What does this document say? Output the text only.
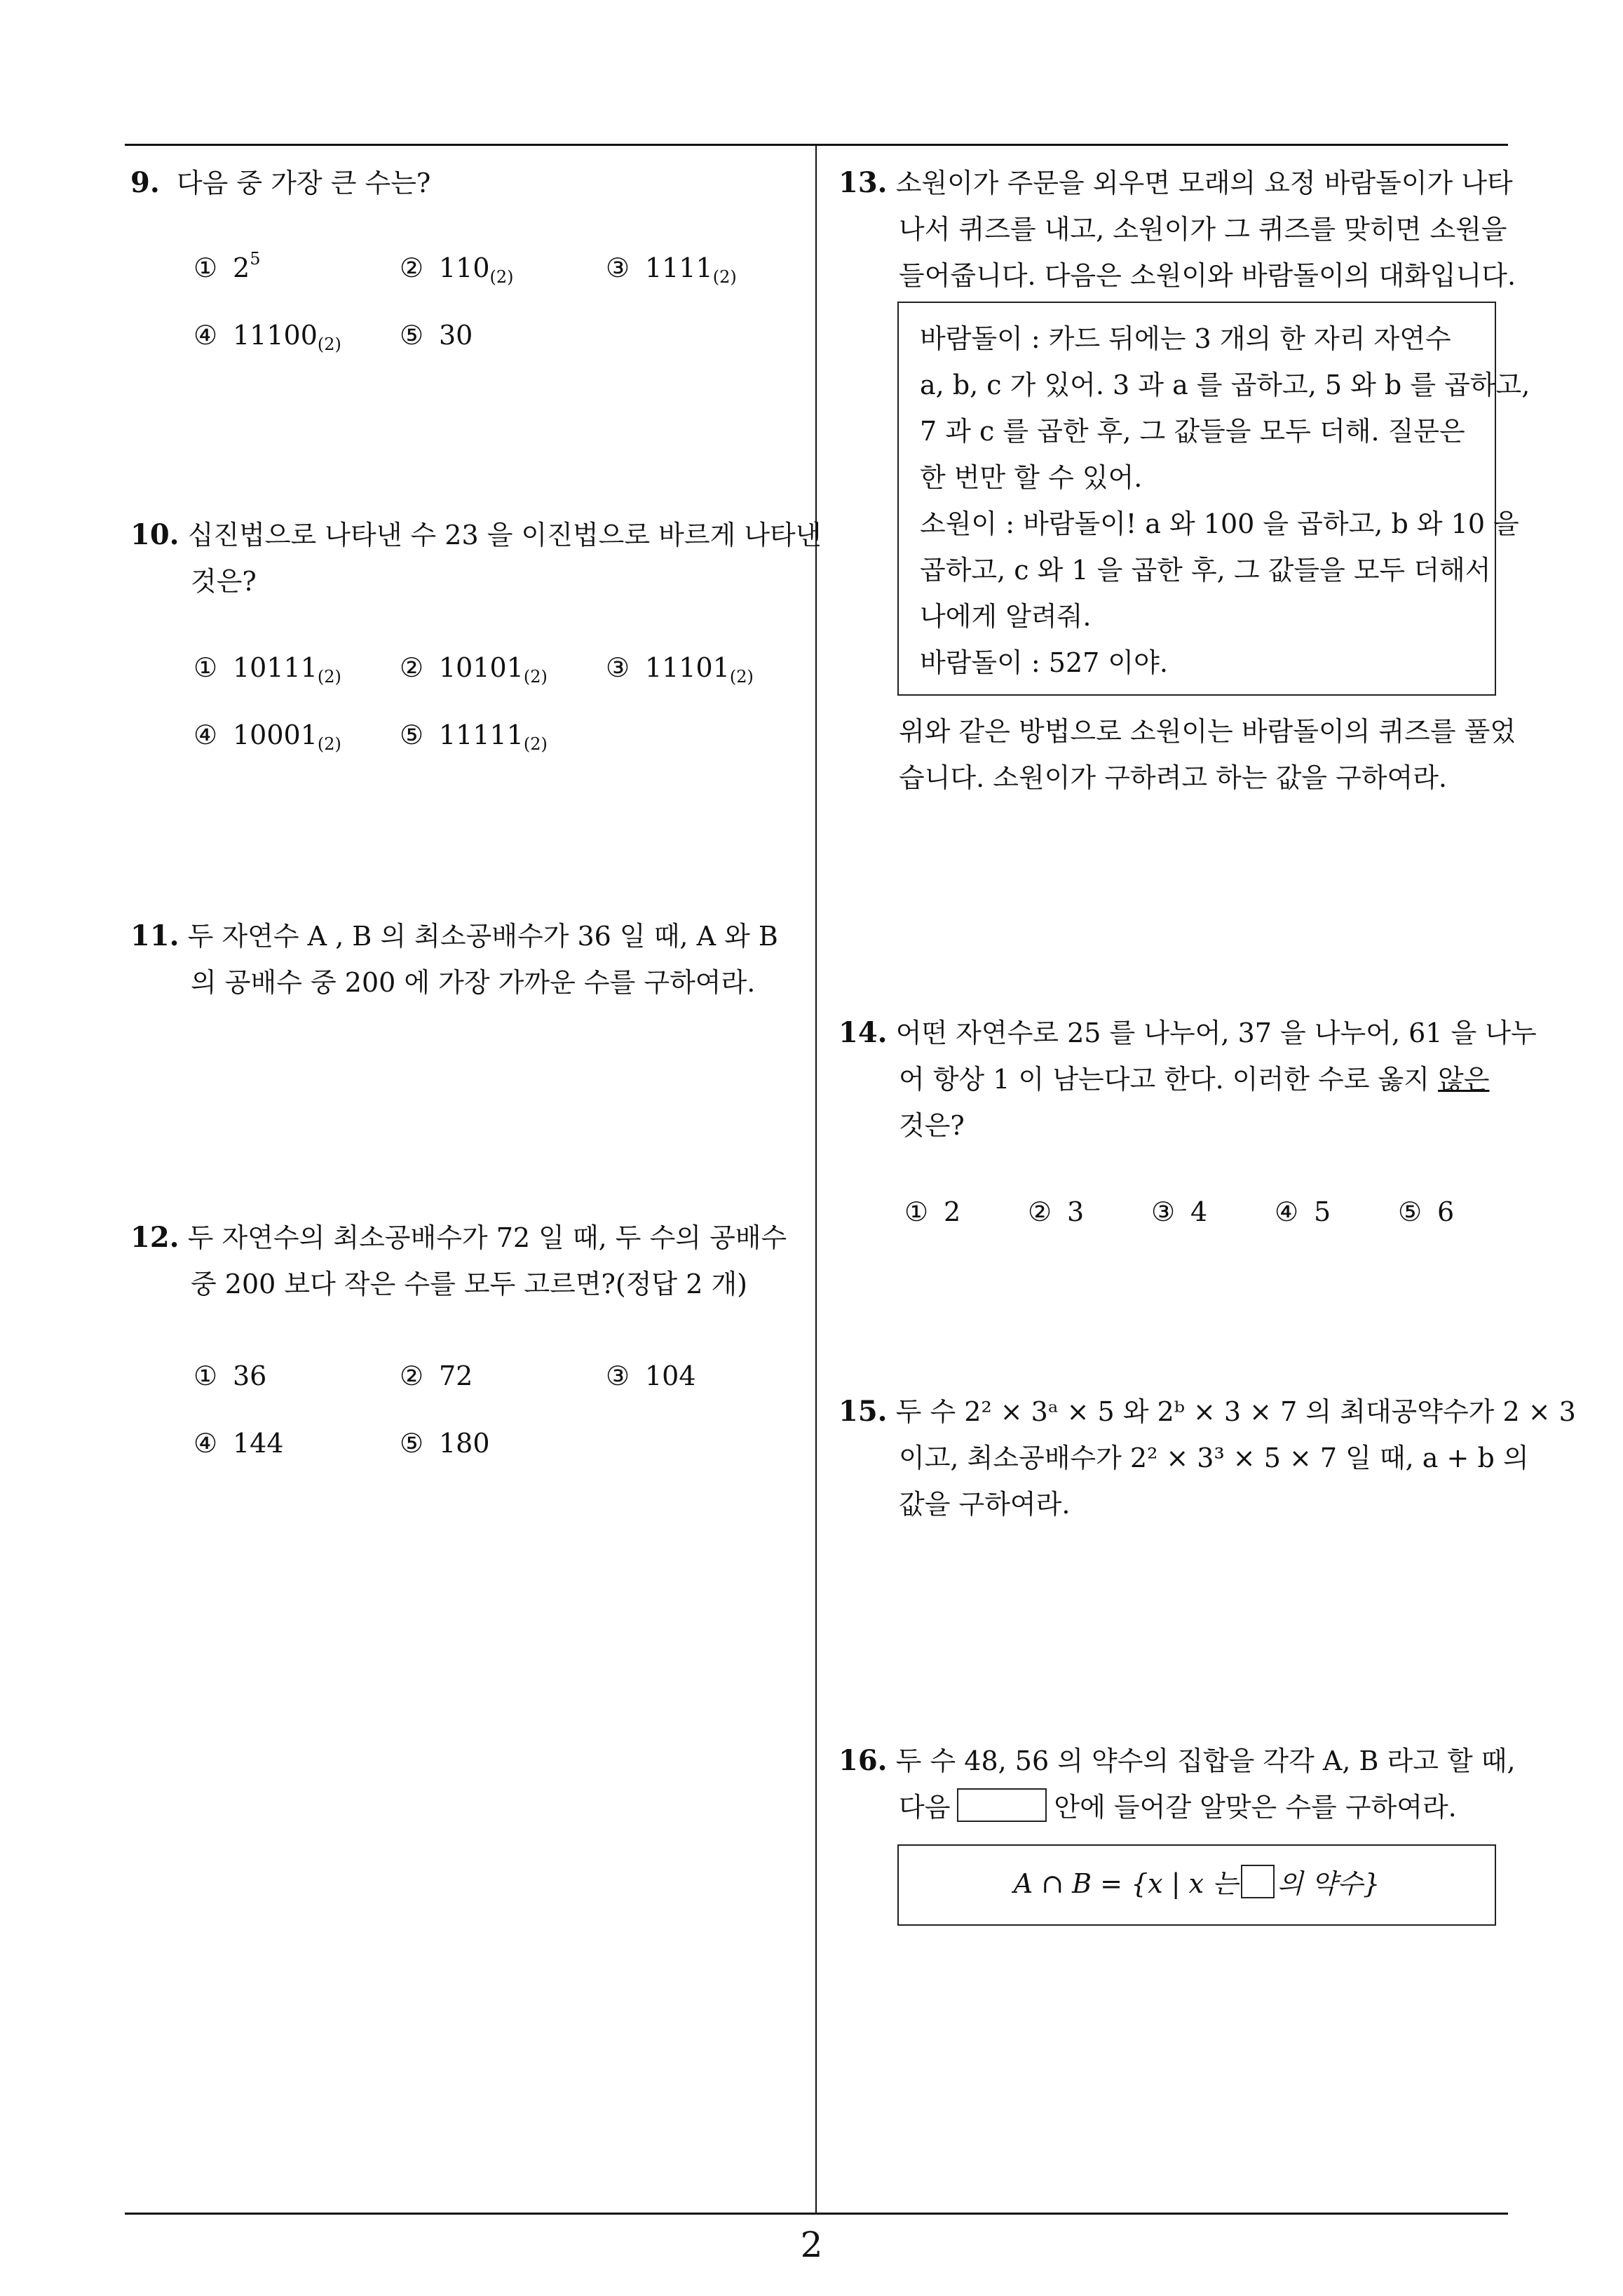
9. 다음 중 가장 큰 수는?
① $2^5$	② $110_{(2)}$	③ $1111_{(2)}$
④ $11100_{(2)}$ ⑤ 30
10. 십진법으로 나타낸 수 23 을 이진법으로 바르게 나타낸
것은?
① $10111_{(2)}$ ② $10101_{(2)}$ ③ $11101_{(2)}$
④ $10001_{(2)}$ ⑤ $11111_{(2)}$
11. 두 자연수 A , B 의 최소공배수가 36 일 때, A 와 B
의 공배수 중 200 에 가장 가까운 수를 구하여라.
12. 두 자연수의 최소공배수가 72 일 때, 두 수의 공배수
중 200 보다 작은 수를 모두 고르면?(정답 2 개)
① 36	② 72	③ 104
④ 144	⑤ 180
13. 소원이가 주문을 외우면 모래의 요정 바람돌이가 나타
나서 퀴즈를 내고, 소원이가 그 퀴즈를 맞히면 소원을
들어줍니다. 다음은 소원이와 바람돌이의 대화입니다.
바람돌이 : 카드 뒤에는 3 개의 한 자리 자연수
a, b, c 가 있어. 3 과 a 를 곱하고, 5 와 b 를 곱하고,
7 과 c 를 곱한 후, 그 값들을 모두 더해. 질문은
한 번만 할 수 있어.
소원이 : 바람돌이! a 와 100 을 곱하고, b 와 10 을
곱하고, c 와 1 을 곱한 후, 그 값들을 모두 더해서
나에게 알려줘.
바람돌이 : 527 이야.
위와 같은 방법으로 소원이는 바람돌이의 퀴즈를 풀었
습니다. 소원이가 구하려고 하는 값을 구하여라.
14. 어떤 자연수로 25 를 나누어, 37 을 나누어, 61 을 나누
어 항상 1 이 남는다고 한다. 이러한 수로 옳지 않은
것은?
① 2	② 3	③ 4	④ 5	⑤ 6
15. 두 수 2² × 3ᵃ × 5 와 2ᵇ × 3 × 7 의 최대공약수가 2 × 3
이고, 최소공배수가 2² × 3³ × 5 × 7 일 때, a + b 의
값을 구하여라.
16. 두 수 48, 56 의 약수의 집합을 각각 A, B 라고 할 때,
다음	안에 들어갈 알맞은 수를 구하여라.
A ∩ B = {x | x 는 의 약수}
2
